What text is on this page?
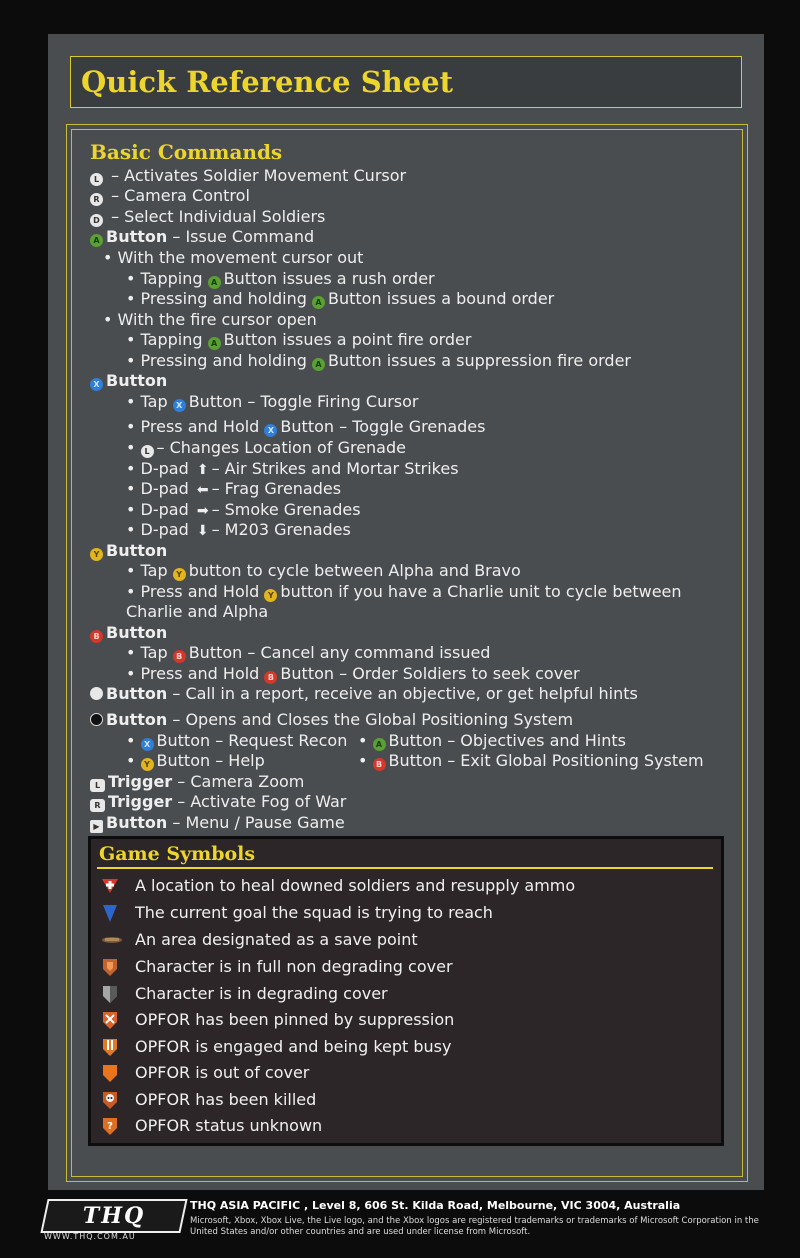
Quick Reference Sheet
Basic Commands
L – Activates Soldier Movement Cursor
R – Camera Control
D – Select Individual Soldiers
A Button – Issue Command
• With the movement cursor out
• Tapping A Button issues a rush order
• Pressing and holding A Button issues a bound order
• With the fire cursor open
• Tapping A Button issues a point fire order
• Pressing and holding A Button issues a suppression fire order
X Button
• Tap X Button – Toggle Firing Cursor
• Press and Hold X Button – Toggle Grenades
• L – Changes Location of Grenade
• D-pad ⬆ – Air Strikes and Mortar Strikes
• D-pad ⬅ – Frag Grenades
• D-pad ➡ – Smoke Grenades
• D-pad ⬇ – M203 Grenades
Y Button
• Tap Y button to cycle between Alpha and Bravo
• Press and Hold Y button if you have a Charlie unit to cycle between
Charlie and Alpha
B Button
• Tap B Button – Cancel any command issued
• Press and Hold B Button – Order Soldiers to seek cover
Button – Call in a report, receive an objective, or get helpful hints
Button – Opens and Closes the Global Positioning System
• X Button – Request Recon
• Y Button – Help
L Trigger – Camera Zoom
R Trigger – Activate Fog of War
▶ Button – Menu / Pause Game
• A Button – Objectives and Hints
• B Button – Exit Global Positioning System
Game Symbols
A location to heal downed soldiers and resupply ammo
The current goal the squad is trying to reach
An area designated as a save point
Character is in full non degrading cover
Character is in degrading cover
OPFOR has been pinned by suppression
OPFOR is engaged and being kept busy
OPFOR is out of cover
OPFOR has been killed
? OPFOR status unknown
THQ
WWW.THQ.COM.AU
THQ ASIA PACIFIC , Level 8, 606 St. Kilda Road, Melbourne, VIC 3004, Australia
Microsoft, Xbox, Xbox Live, the Live logo, and the Xbox logos are registered trademarks or trademarks of Microsoft Corporation in the United States and/or other countries and are used under license from Microsoft.
